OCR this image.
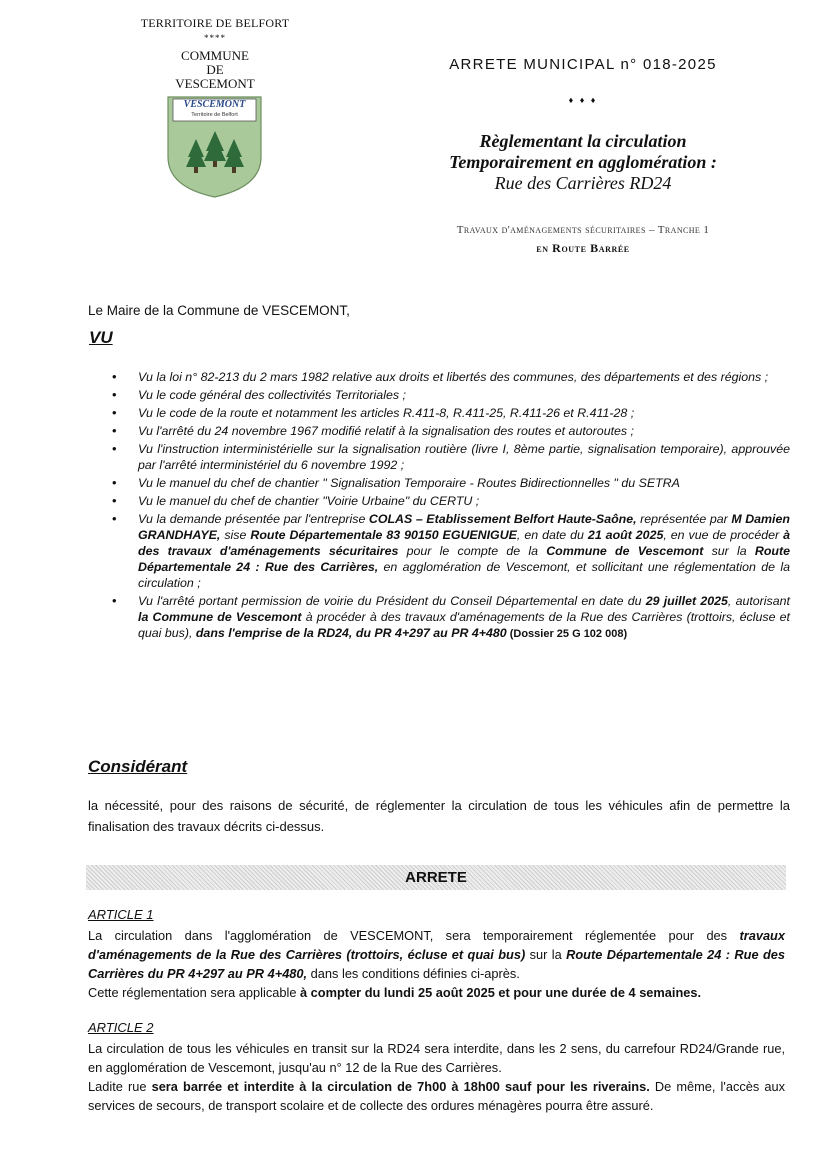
TERRITOIRE DE BELFORT
****
COMMUNE
DE
VESCEMONT
VESCEMONT
Territoire de Belfort
ARRETE MUNICIPAL n° 018-2025
♦ ♦ ♦
Règlementant la circulation
Temporairement en agglomération :
Rue des Carrières RD24
Travaux d'aménagements sécuritaires – Tranche 1
en Route Barrée
Le Maire de la Commune de VESCEMONT,
VU
• Vu la loi n° 82-213 du 2 mars 1982 relative aux droits et libertés des communes, des départements et des régions ;
• Vu le code général des collectivités Territoriales ;
• Vu le code de la route et notamment les articles R.411-8, R.411-25, R.411-26 et R.411-28 ;
• Vu l'arrêté du 24 novembre 1967 modifié relatif à la signalisation des routes et autoroutes ;
• Vu l'instruction interministérielle sur la signalisation routière (livre I, 8ème partie, signalisation temporaire), approuvée par l'arrêté interministériel du 6 novembre 1992 ;
• Vu le manuel du chef de chantier " Signalisation Temporaire - Routes Bidirectionnelles " du SETRA
• Vu le manuel du chef de chantier "Voirie Urbaine" du CERTU ;
• Vu la demande présentée par l'entreprise COLAS – Etablissement Belfort Haute-Saône, représentée par M Damien GRANDHAYE, sise Route Départementale 83 90150 EGUENIGUE, en date du 21 août 2025, en vue de procéder à des travaux d'aménagements sécuritaires pour le compte de la Commune de Vescemont sur la Route Départementale 24 : Rue des Carrières, en agglomération de Vescemont, et sollicitant une réglementation de la circulation ;
• Vu l'arrêté portant permission de voirie du Président du Conseil Départemental en date du 29 juillet 2025, autorisant la Commune de Vescemont à procéder à des travaux d'aménagements de la Rue des Carrières (trottoirs, écluse et quai bus), dans l'emprise de la RD24, du PR 4+297 au PR 4+480 (Dossier 25 G 102 008)
Considérant
la nécessité, pour des raisons de sécurité, de réglementer la circulation de tous les véhicules afin de permettre la finalisation des travaux décrits ci-dessus.
ARRETE
ARTICLE 1
La circulation dans l'agglomération de VESCEMONT, sera temporairement réglementée pour des travaux d'aménagements de la Rue des Carrières (trottoirs, écluse et quai bus) sur la Route Départementale 24 : Rue des Carrières du PR 4+297 au PR 4+480, dans les conditions définies ci-après.
Cette réglementation sera applicable à compter du lundi 25 août 2025 et pour une durée de 4 semaines.
ARTICLE 2
La circulation de tous les véhicules en transit sur la RD24 sera interdite, dans les 2 sens, du carrefour RD24/Grande rue, en agglomération de Vescemont, jusqu'au n° 12 de la Rue des Carrières.
Ladite rue sera barrée et interdite à la circulation de 7h00 à 18h00 sauf pour les riverains. De même, l'accès aux services de secours, de transport scolaire et de collecte des ordures ménagères pourra être assuré.
